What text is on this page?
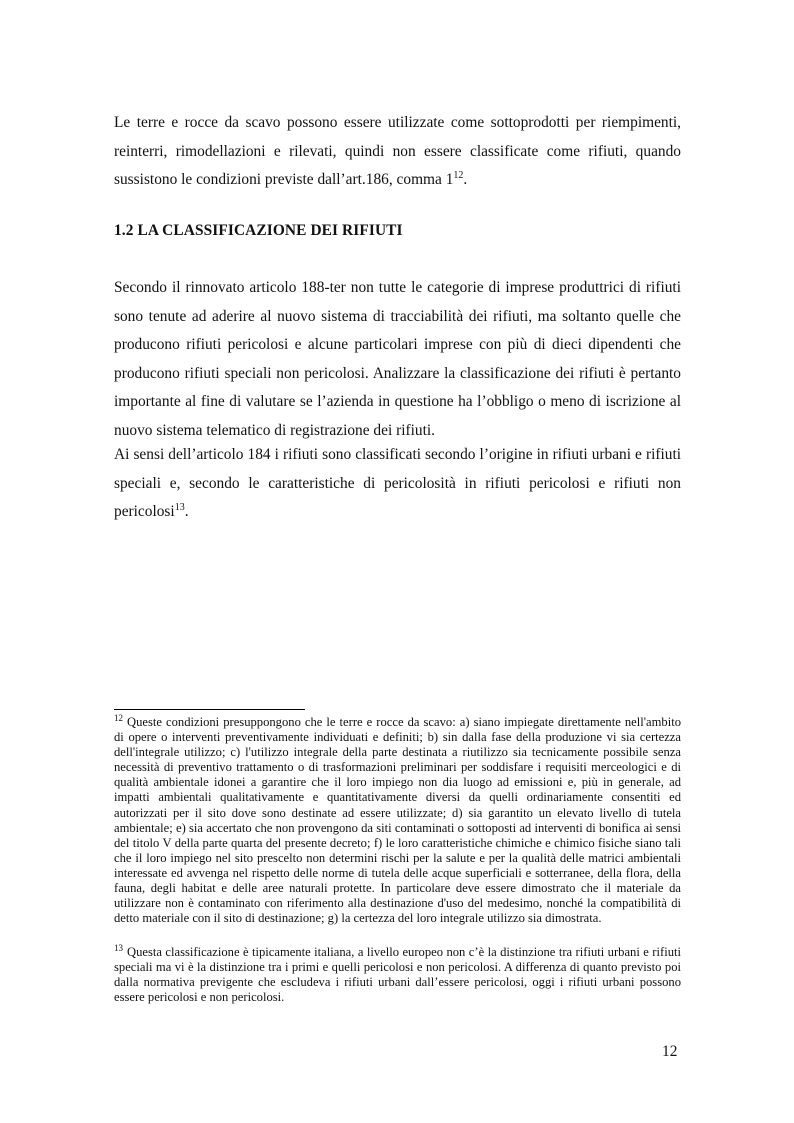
Le terre e rocce da scavo possono essere utilizzate come sottoprodotti per riempimenti, reinterri, rimodellazioni e rilevati, quindi non essere classificate come rifiuti, quando sussistono le condizioni previste dall’art.186, comma $1^{12}$.

1.2 LA CLASSIFICAZIONE DEI RIFIUTI

Secondo il rinnovato articolo 188-ter non tutte le categorie di imprese produttrici di rifiuti sono tenute ad aderire al nuovo sistema di tracciabilità dei rifiuti, ma soltanto quelle che producono rifiuti pericolosi e alcune particolari imprese con più di dieci dipendenti che producono rifiuti speciali non pericolosi. Analizzare la classificazione dei rifiuti è pertanto importante al fine di valutare se l’azienda in questione ha l’obbligo o meno di iscrizione al nuovo sistema telematico di registrazione dei rifiuti.

Ai sensi dell’articolo 184 i rifiuti sono classificati secondo l’origine in rifiuti urbani e rifiuti speciali e, secondo le caratteristiche di pericolosità in rifiuti pericolosi e rifiuti non pericolosi$^{13}$.

$^{12}$ Queste condizioni presuppongono che le terre e rocce da scavo: a) siano impiegate direttamente nell'ambito di opere o interventi preventivamente individuati e definiti; b) sin dalla fase della produzione vi sia certezza dell'integrale utilizzo; c) l'utilizzo integrale della parte destinata a riutilizzo sia tecnicamente possibile senza necessità di preventivo trattamento o di trasformazioni preliminari per soddisfare i requisiti merceologici e di qualità ambientale idonei a garantire che il loro impiego non dia luogo ad emissioni e, più in generale, ad impatti ambientali qualitativamente e quantitativamente diversi da quelli ordinariamente consentiti ed autorizzati per il sito dove sono destinate ad essere utilizzate; d) sia garantito un elevato livello di tutela ambientale; e) sia accertato che non provengono da siti contaminati o sottoposti ad interventi di bonifica ai sensi del titolo V della parte quarta del presente decreto; f) le loro caratteristiche chimiche e chimico fisiche siano tali che il loro impiego nel sito prescelto non determini rischi per la salute e per la qualità delle matrici ambientali interessate ed avvenga nel rispetto delle norme di tutela delle acque superficiali e sotterranee, della flora, della fauna, degli habitat e delle aree naturali protette. In particolare deve essere dimostrato che il materiale da utilizzare non è contaminato con riferimento alla destinazione d'uso del medesimo, nonché la compatibilità di detto materiale con il sito di destinazione; g) la certezza del loro integrale utilizzo sia dimostrata.

$^{13}$ Questa classificazione è tipicamente italiana, a livello europeo non c’è la distinzione tra rifiuti urbani e rifiuti speciali ma vi è la distinzione tra i primi e quelli pericolosi e non pericolosi. A differenza di quanto previsto poi dalla normativa previgente che escludeva i rifiuti urbani dall’essere pericolosi, oggi i rifiuti urbani possono essere pericolosi e non pericolosi.

12
